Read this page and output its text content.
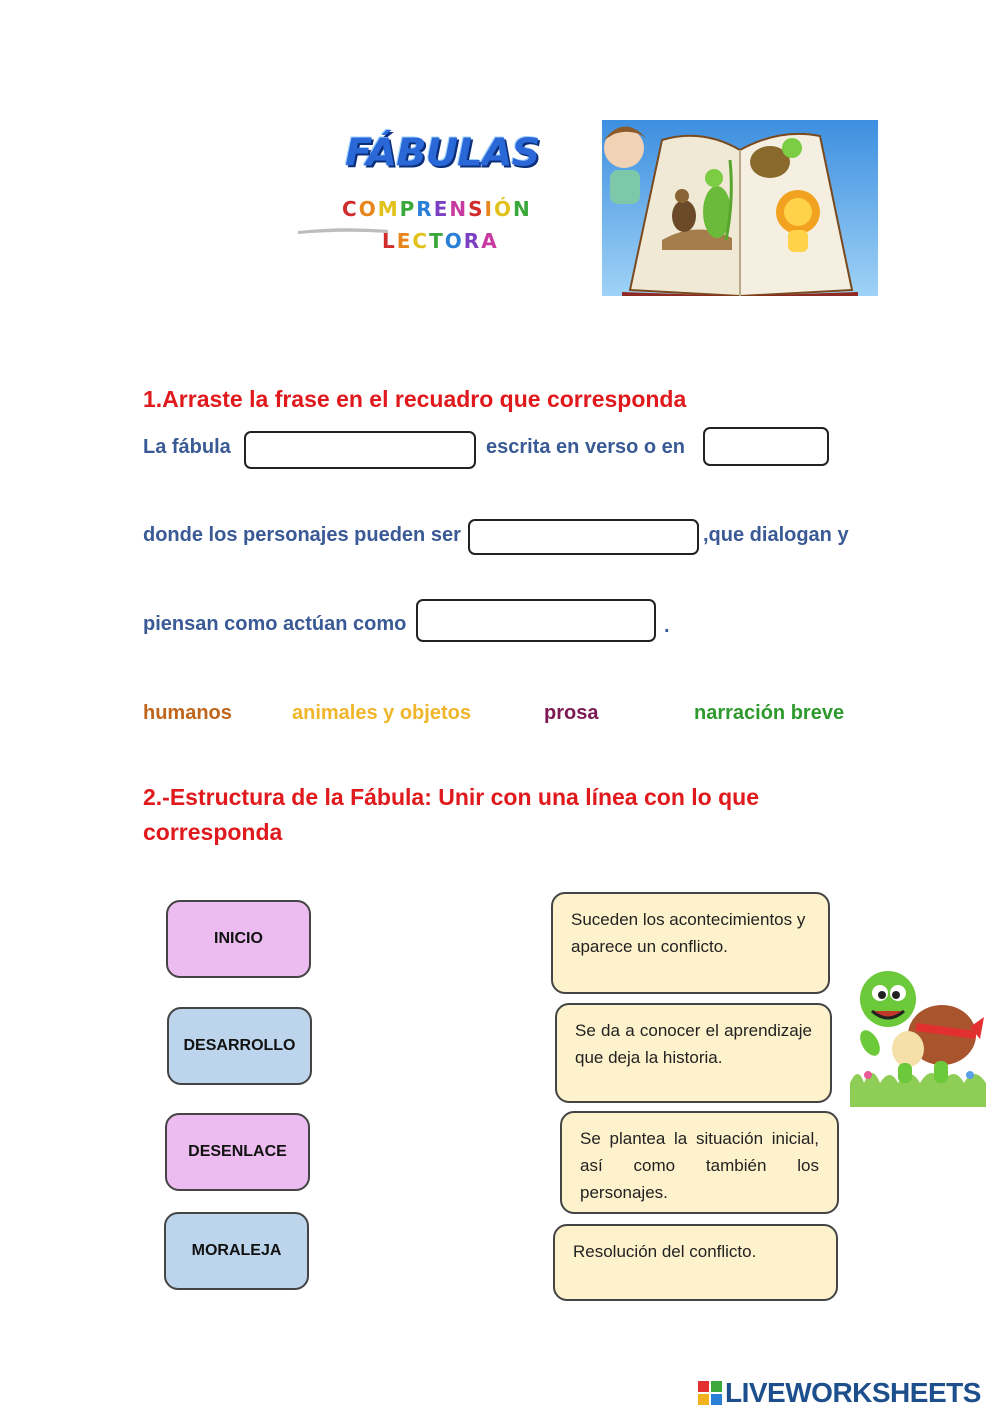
FÁBULAS
COMPRENSIÓN
LECTORA
1.Arraste la frase en el recuadro que corresponda
La fábula	escrita en verso o en
donde los personajes pueden ser	,que dialogan y
piensan como actúan como	.
humanos	animales y objetos	prosa	narración breve
2.-Estructura de la Fábula: Unir con una línea con lo que
corresponda
INICIO
DESARROLLO
DESENLACE
MORALEJA
Suceden los acontecimientos y aparece un conflicto.
Se da a conocer el aprendizaje que deja la historia.
Se plantea la situación inicial, así como también los personajes.
Resolución del conflicto.
LIVEWORKSHEETS
